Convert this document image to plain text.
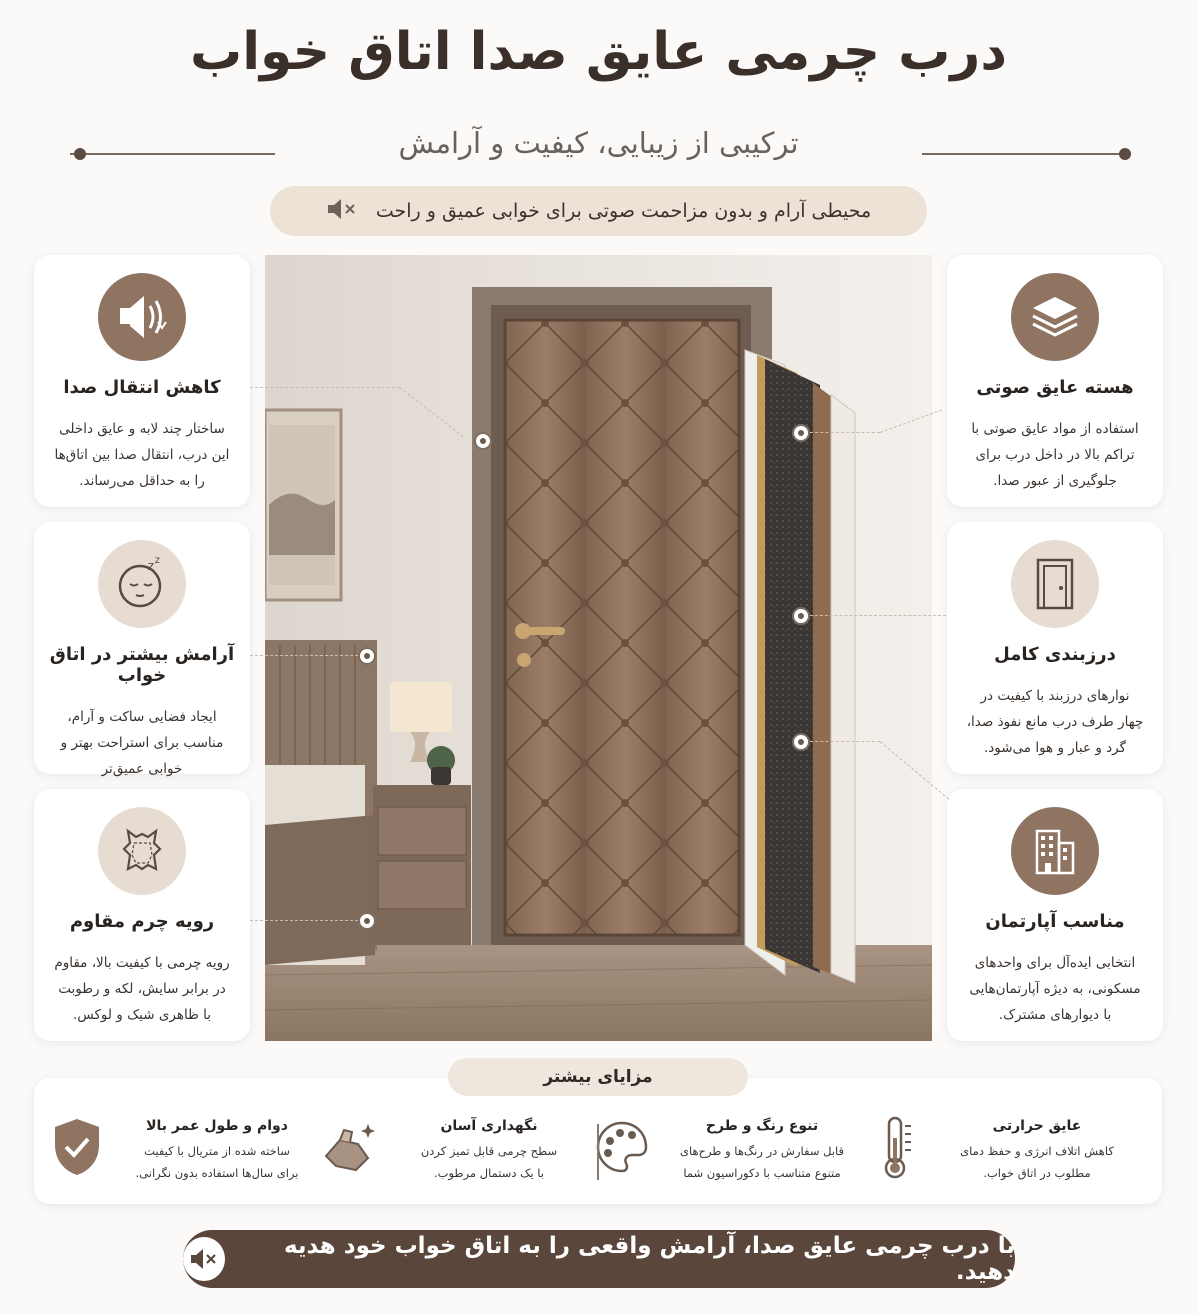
درب چرمی عایق صدا اتاق خواب
ترکیبی از زیبایی، کیفیت و آرامش
محیطی آرام و بدون مزاحمت صوتی برای خوابی عمیق و راحت
کاهش انتقال صدا

ساختار چند لابه و عایق داخلی
این درب، انتقال صدا بین اتاق‌ها
را به حداقل می‌رساند.

z z
آرامش بیشتر در اتاق خواب

ایجاد فضایی ساکت و آرام،
مناسب برای استراحت بهتر و
خوابی عمیق‌تر

رویه چرم مقاوم

رویه چرمی با کیفیت بالا، مقاوم
در برابر سایش، لکه و رطوبت
با ظاهری شیک و لوکس.

هسته عایق صوتی

استفاده از مواد عایق صوتی با
تراکم بالا در داخل درب برای
جلوگیری از عبور صدا.

درزبندی کامل

نوارهای درزبند با کیفیت در
چهار طرف درب مانع نفوذ صدا،
گرد و عبار و هوا می‌شود.

مناسب آپارتمان

انتخابی ایده‌آل برای واحدهای
مسکونی، به دیژه آپارتمان‌هایی
با دیوارهای مشترک.

عایق حرارتی

کاهش اتلاف انرژی و حفظ دمای
مطلوب در اتاق خواب.

تنوع رنگ و طرح

قابل سفارش در رنگ‌ها و طرح‌های
متنوع متناسب با دکوراسیون شما

نگهداری آسان

سطح چرمی قابل تمیز کردن
با یک دستمال مرطوب.

دوام و طول عمر بالا

ساخته شده از متریال با کیفیت
برای سال‌ها استفاده بدون نگرانی.

مزایای بیشتر
با درب چرمی عایق صدا، آرامش واقعی را به اتاق خواب خود هدیه دهید.
